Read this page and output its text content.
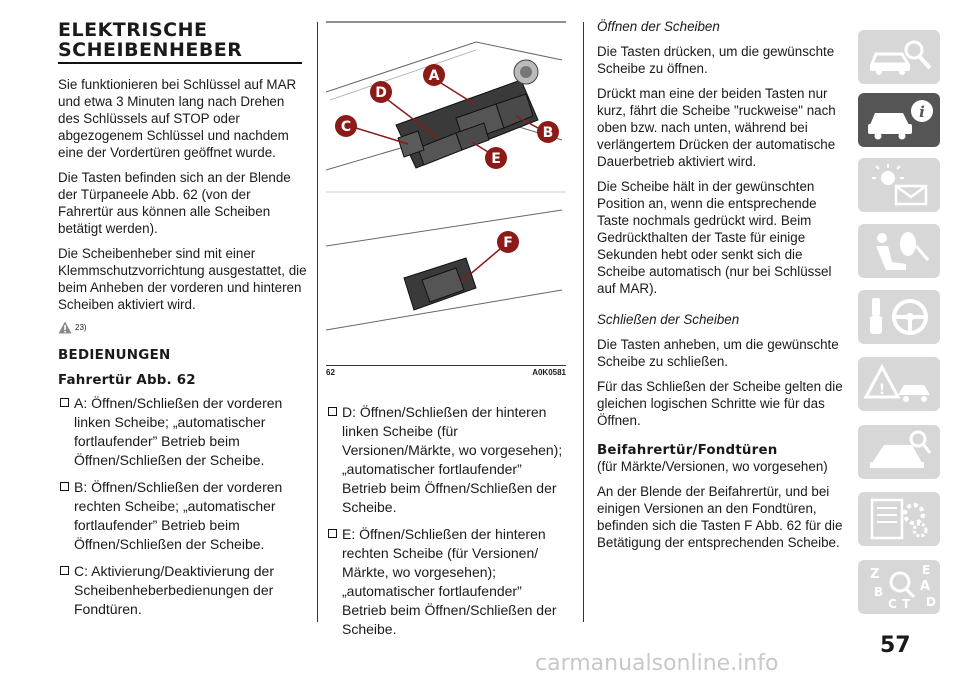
ELEKTRISCHE
SCHEIBENHEBER

Sie funktionieren bei Schlüssel auf MAR und etwa 3 Minuten lang nach Drehen des Schlüssels auf STOP oder abgezogenem Schlüssel und nachdem eine der Vordertüren geöffnet wurde.

Die Tasten befinden sich an der Blende der Türpaneele Abb. 62 (von der Fahrertür aus können alle Scheiben betätigt werden).

Die Scheibenheber sind mit einer Klemmschutzvorrichtung ausgestattet, die beim Anheben der vorderen und hinteren Scheiben aktiviert wird.

23)
BEDIENUNGEN
Fahrertür Abb. 62
A: Öffnen/Schließen der vorderen linken Scheibe; „automatischer fortlaufender” Betrieb beim Öffnen/Schließen der Scheibe.
B: Öffnen/Schließen der vorderen rechten Scheibe; „automatischer fortlaufender” Betrieb beim Öffnen/Schließen der Scheibe.
C: Aktivierung/Deaktivierung der Scheibenheberbedienungen der Fondtüren.
A
D
C	B
E
F
62	A0K0581
D: Öffnen/Schließen der hinteren linken Scheibe (für Versionen/Märkte, wo vorgesehen); „automatischer fortlaufender” Betrieb beim Öffnen/Schließen der Scheibe.
E: Öffnen/Schließen der hinteren rechten Scheibe (für Versionen/ Märkte, wo vorgesehen); „automatischer fortlaufender” Betrieb beim Öffnen/Schließen der Scheibe.

Öffnen der Scheiben

Die Tasten drücken, um die gewünschte Scheibe zu öffnen.

Drückt man eine der beiden Tasten nur kurz, fährt die Scheibe "ruckweise" nach oben bzw. nach unten, während bei verlängertem Drücken der automatische Dauerbetrieb aktiviert wird.

Die Scheibe hält in der gewünschten Position an, wenn die entsprechende Taste nochmals gedrückt wird. Beim Gedrückthalten der Taste für einige Sekunden hebt oder senkt sich die Scheibe automatisch (nur bei Schlüssel auf MAR).

Schließen der Scheiben

Die Tasten anheben, um die gewünschte Scheibe zu schließen.

Für das Schließen der Scheibe gelten die gleichen logischen Schritte wie für das Öffnen.

Beifahrertür/Fondtüren

(für Märkte/Versionen, wo vorgesehen)

An der Blende der Beifahrertür, und bei einigen Versionen an den Fondtüren, befinden sich die Tasten F Abb. 62 für die Betätigung der entsprechenden Scheibe.

i
!
Z	E
A
B
C T D
57
carmanualsonline.info
